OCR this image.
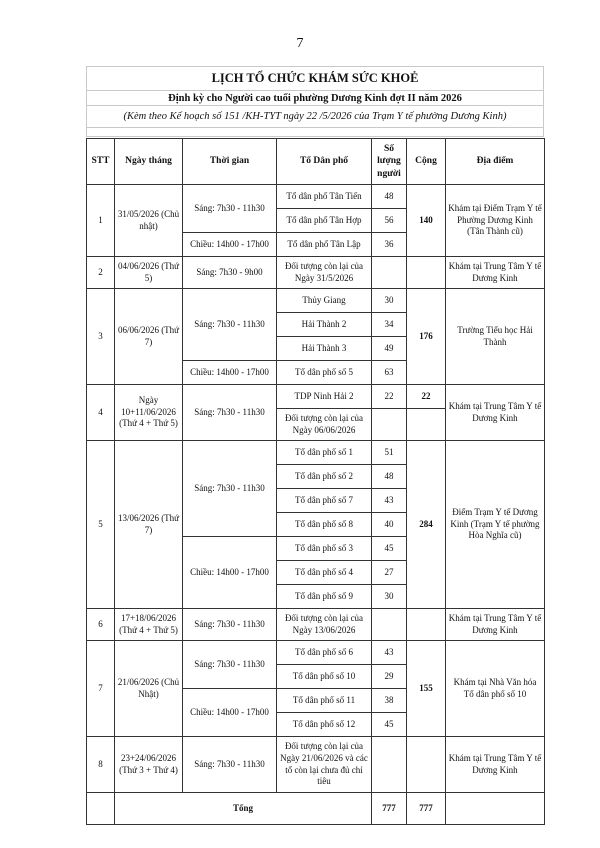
7
LỊCH TỔ CHỨC KHÁM SỨC KHOẺ
Định kỳ cho Người cao tuổi phường Dương Kinh đợt II năm 2026
(Kèm theo Kế hoạch số 151 /KH-TYT ngày 22 /5/2026 của Trạm Y tế phường Dương Kinh)

STT	Ngày tháng	Thời gian	Tổ Dân phố	Số lượng người	Cộng	Địa điểm
1	31/05/2026 (Chủ nhật)	Sáng: 7h30 - 11h30	Tổ dân phố Tân Tiến	48	140	Khám tại Điểm Trạm Y tế Phường Dương Kinh (Tân Thành cũ)
			Tổ dân phố Tân Hợp	56		
		Chiều: 14h00 - 17h00	Tổ dân phố Tân Lập	36		
2	04/06/2026 (Thứ 5)	Sáng: 7h30 - 9h00	Đối tượng còn lại của Ngày 31/5/2026			Khám tại Trung Tâm Y tế Dương Kinh
3	06/06/2026 (Thứ 7)	Sáng: 7h30 - 11h30	Thủy Giang	30	176	Trường Tiểu học Hải Thành
			Hải Thành 2	34		
			Hải Thành 3	49		
		Chiều: 14h00 - 17h00	Tổ dân phố số 5	63		
4	Ngày 10+11/06/2026 (Thứ 4 + Thứ 5)	Sáng: 7h30 - 11h30	TDP Ninh Hải 2	22	22	Khám tại Trung Tâm Y tế Dương Kinh
			Đối tượng còn lại của Ngày 06/06/2026			
5	13/06/2026 (Thứ 7)	Sáng: 7h30 - 11h30	Tổ dân phố số 1	51	284	Điểm Trạm Y tế Dương Kinh (Trạm Y tế phường Hòa Nghĩa cũ)
			Tổ dân phố số 2	48		
			Tổ dân phố số 7	43		
			Tổ dân phố số 8	40		
		Chiều: 14h00 - 17h00	Tổ dân phố số 3	45		
			Tổ dân phố số 4	27		
			Tổ dân phố số 9	30		
6	17+18/06/2026 (Thứ 4 + Thứ 5)	Sáng: 7h30 - 11h30	Đối tượng còn lại của Ngày 13/06/2026			Khám tại Trung Tâm Y tế Dương Kinh
7	21/06/2026 (Chủ Nhật)	Sáng: 7h30 - 11h30	Tổ dân phố số 6	43	155	Khám tại Nhà Văn hóa Tổ dân phố số 10
			Tổ dân phố số 10	29		
		Chiều: 14h00 - 17h00	Tổ dân phố số 11	38		
			Tổ dân phố số 12	45		
8	23+24/06/2026 (Thứ 3 + Thứ 4)	Sáng: 7h30 - 11h30	Đối tượng còn lại của Ngày 21/06/2026 và các tổ còn lại chưa đủ chỉ tiêu			Khám tại Trung Tâm Y tế Dương Kinh
	Tổng			777	777	
